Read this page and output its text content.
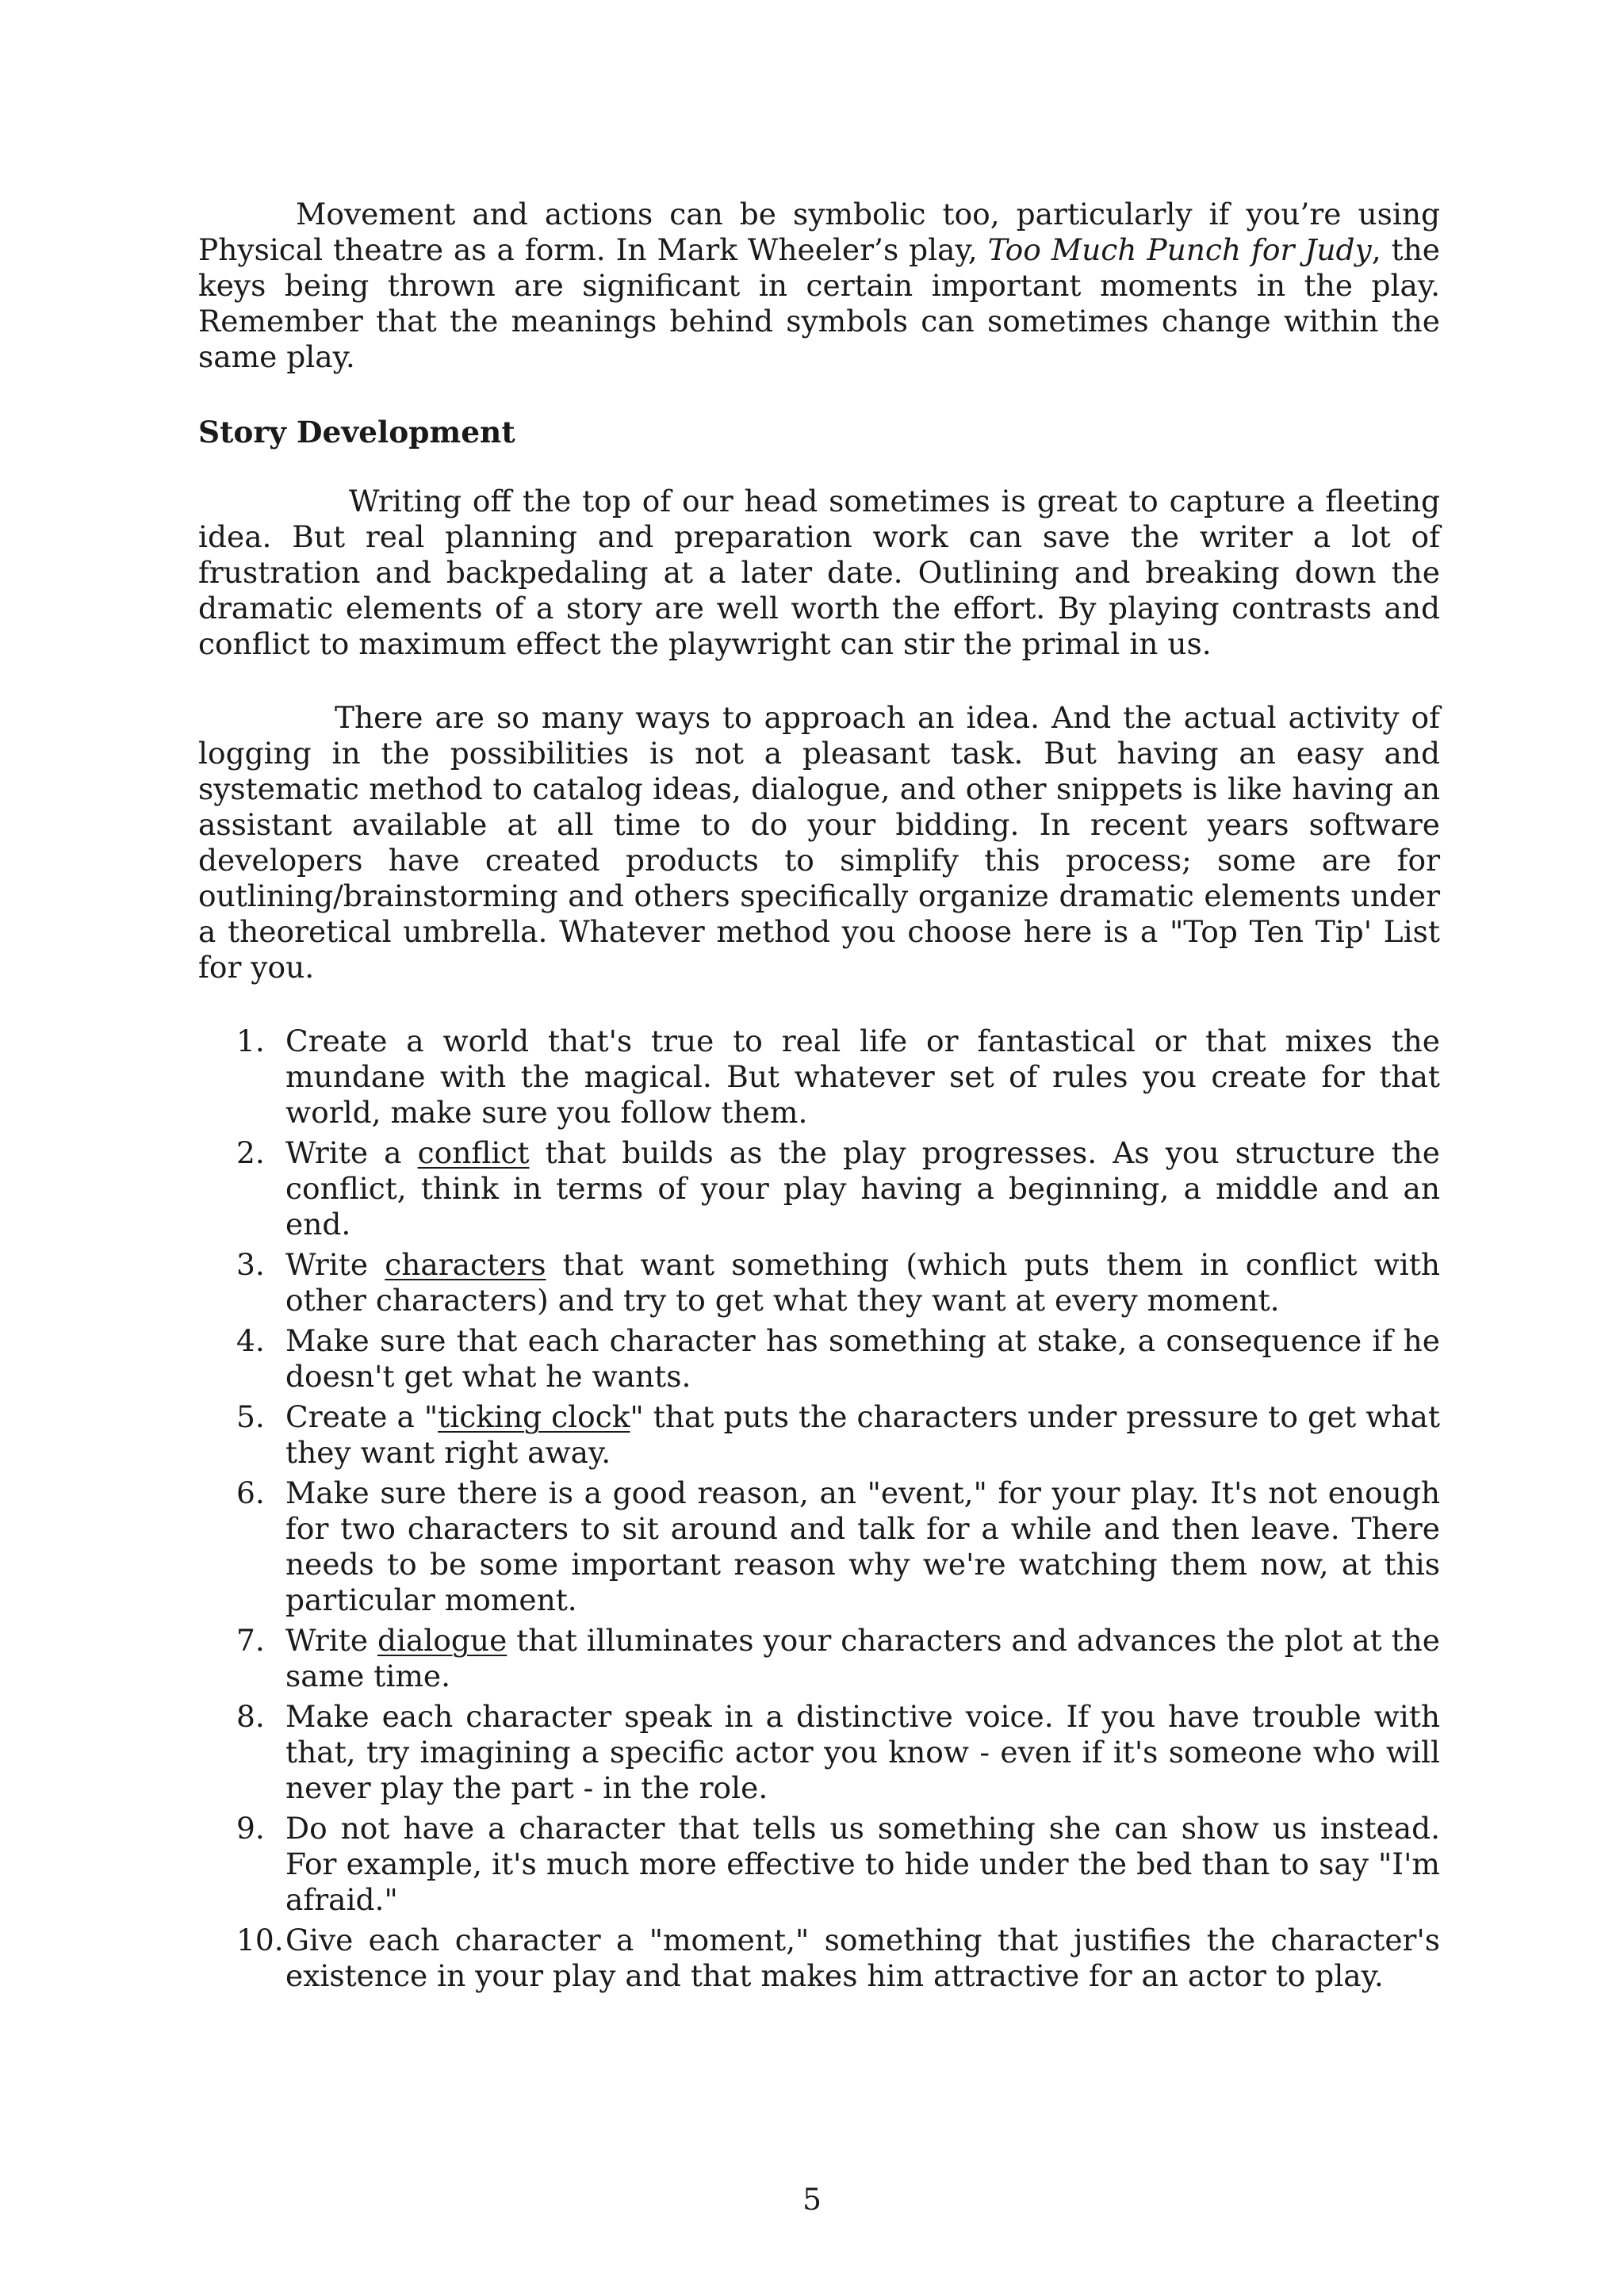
Movement and actions can be symbolic too, particularly if you’re using Physical theatre as a form. In Mark Wheeler’s play, Too Much Punch for Judy, the keys being thrown are significant in certain important moments in the play. Remember that the meanings behind symbols can sometimes change within the same play.

Story Development

Writing off the top of our head sometimes is great to capture a fleeting idea. But real planning and preparation work can save the writer a lot of frustration and backpedaling at a later date. Outlining and breaking down the dramatic elements of a story are well worth the effort. By playing contrasts and conflict to maximum effect the playwright can stir the primal in us.

There are so many ways to approach an idea. And the actual activity of logging in the possibilities is not a pleasant task. But having an easy and systematic method to catalog ideas, dialogue, and other snippets is like having an assistant available at all time to do your bidding. In recent years software developers have created products to simplify this process; some are for outlining/brainstorming and others specifically organize dramatic elements under a theoretical umbrella. Whatever method you choose here is a "Top Ten Tip' List for you.

1. Create a world that's true to real life or fantastical or that mixes the mundane with the magical. But whatever set of rules you create for that world, make sure you follow them.
2. Write a conflict that builds as the play progresses. As you structure the conflict, think in terms of your play having a beginning, a middle and an end.
3. Write characters that want something (which puts them in conflict with other characters) and try to get what they want at every moment.
4. Make sure that each character has something at stake, a consequence if he doesn't get what he wants.
5. Create a "ticking clock" that puts the characters under pressure to get what they want right away.
6. Make sure there is a good reason, an "event," for your play. It's not enough for two characters to sit around and talk for a while and then leave. There needs to be some important reason why we're watching them now, at this particular moment.
7. Write dialogue that illuminates your characters and advances the plot at the same time.
8. Make each character speak in a distinctive voice. If you have trouble with that, try imagining a specific actor you know - even if it's someone who will never play the part - in the role.
9. Do not have a character that tells us something she can show us instead. For example, it's much more effective to hide under the bed than to say "I'm afraid."
10. Give each character a "moment," something that justifies the character's existence in your play and that makes him attractive for an actor to play.
5
